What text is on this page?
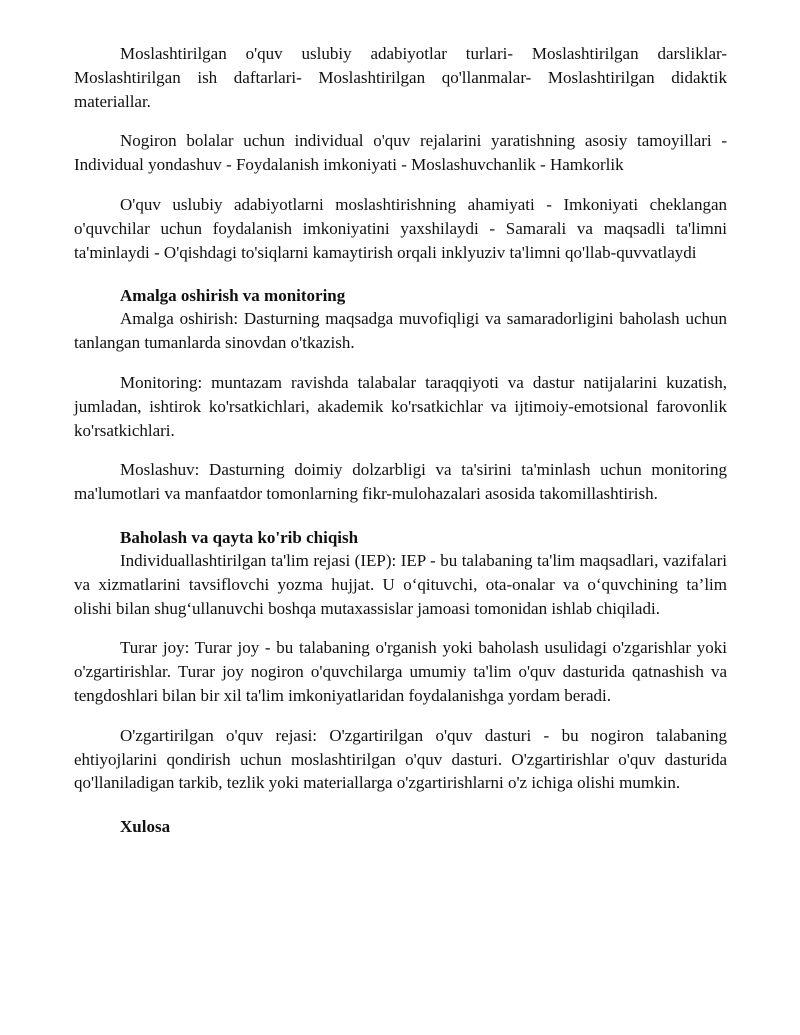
Moslashtirilgan o'quv uslubiy adabiyotlar turlari- Moslashtirilgan darsliklar- Moslashtirilgan ish daftarlari- Moslashtirilgan qo'llanmalar- Moslashtirilgan didaktik materiallar.

Nogiron bolalar uchun individual o'quv rejalarini yaratishning asosiy tamoyillari - Individual yondashuv - Foydalanish imkoniyati - Moslashuvchanlik - Hamkorlik

O'quv uslubiy adabiyotlarni moslashtirishning ahamiyati - Imkoniyati cheklangan o'quvchilar uchun foydalanish imkoniyatini yaxshilaydi - Samarali va maqsadli ta'limni ta'minlaydi - O'qishdagi to'siqlarni kamaytirish orqali inklyuziv ta'limni qo'llab-quvvatlaydi

Amalga oshirish va monitoring

Amalga oshirish: Dasturning maqsadga muvofiqligi va samaradorligini baholash uchun tanlangan tumanlarda sinovdan o'tkazish.

Monitoring: muntazam ravishda talabalar taraqqiyoti va dastur natijalarini kuzatish, jumladan, ishtirok ko'rsatkichlari, akademik ko'rsatkichlar va ijtimoiy-emotsional farovonlik ko'rsatkichlari.

Moslashuv: Dasturning doimiy dolzarbligi va ta'sirini ta'minlash uchun monitoring ma'lumotlari va manfaatdor tomonlarning fikr-mulohazalari asosida takomillashtirish.

Baholash va qayta ko'rib chiqish

Individuallashtirilgan ta'lim rejasi (IEP): IEP - bu talabaning ta'lim maqsadlari, vazifalari va xizmatlarini tavsiflovchi yozma hujjat. U o‘qituvchi, ota-onalar va o‘quvchining ta’lim olishi bilan shug‘ullanuvchi boshqa mutaxassislar jamoasi tomonidan ishlab chiqiladi.

Turar joy: Turar joy - bu talabaning o'rganish yoki baholash usulidagi o'zgarishlar yoki o'zgartirishlar. Turar joy nogiron o'quvchilarga umumiy ta'lim o'quv dasturida qatnashish va tengdoshlari bilan bir xil ta'lim imkoniyatlaridan foydalanishga yordam beradi.

O'zgartirilgan o'quv rejasi: O'zgartirilgan o'quv dasturi - bu nogiron talabaning ehtiyojlarini qondirish uchun moslashtirilgan o'quv dasturi. O'zgartirishlar o'quv dasturida qo'llaniladigan tarkib, tezlik yoki materiallarga o'zgartirishlarni o'z ichiga olishi mumkin.

Xulosa
